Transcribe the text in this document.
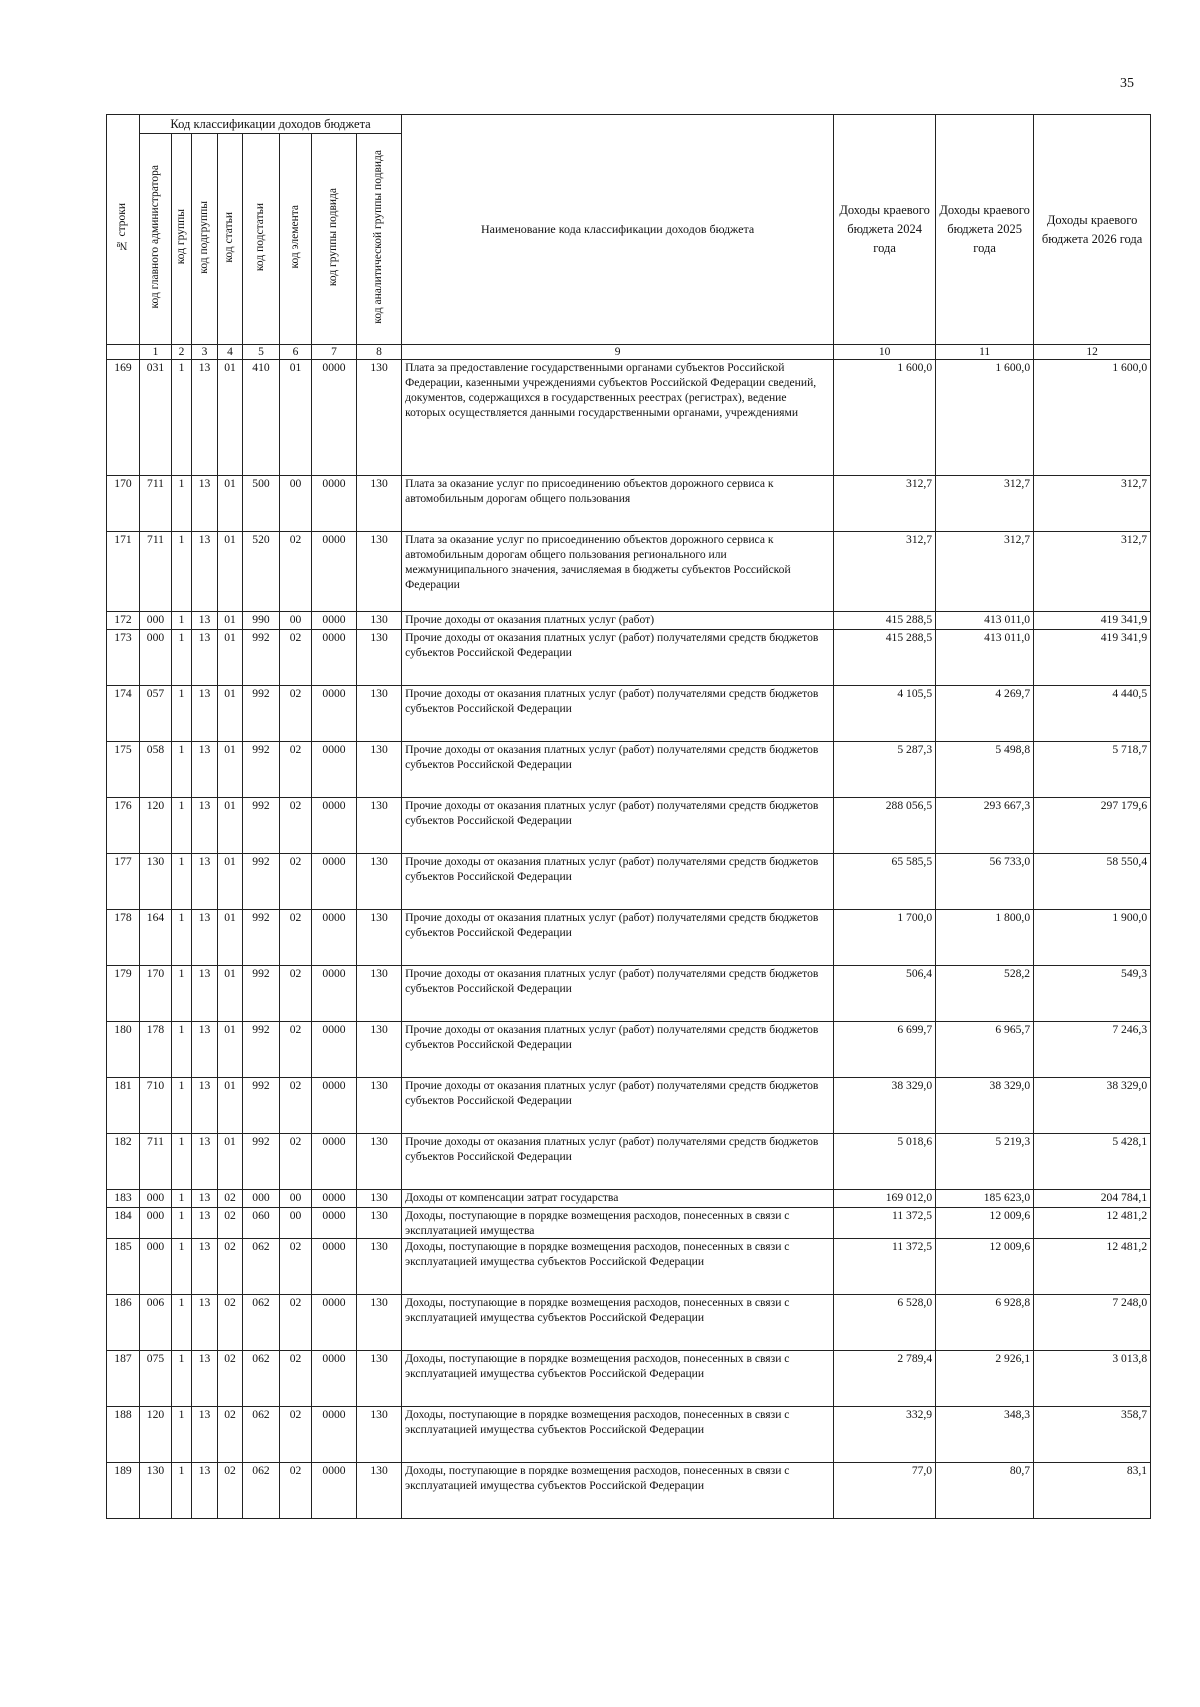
35
№ строки	Код классификации доходов бюджета								Наименование кода классификации доходов бюджета	Доходы краевого бюджета 2024 года	Доходы краевого бюджета 2025 года	Доходы краевого бюджета 2026 года
	код главного администратора	код группы	код подгруппы	код статьи	код подстатьи	код элемента	код группы подвида	код аналитической группы подвида				
	1	2	3	4	5	6	7	8	9	10	11	12
169	031	1	13	01	410	01	0000	130	Плата за предоставление государственными органами субъектов Российской Федерации, казенными учреждениями субъектов Российской Федерации сведений, документов, содержащихся в государственных реестрах (регистрах), ведение которых осуществляется данными государственными органами, учреждениями	1 600,0	1 600,0	1 600,0
170	711	1	13	01	500	00	0000	130	Плата за оказание услуг по присоединению объектов дорожного сервиса к автомобильным дорогам общего пользования	312,7	312,7	312,7
171	711	1	13	01	520	02	0000	130	Плата за оказание услуг по присоединению объектов дорожного сервиса к автомобильным дорогам общего пользования регионального или межмуниципального значения, зачисляемая в бюджеты субъектов Российской Федерации	312,7	312,7	312,7
172	000	1	13	01	990	00	0000	130	Прочие доходы от оказания платных услуг (работ)	415 288,5	413 011,0	419 341,9
173	000	1	13	01	992	02	0000	130	Прочие доходы от оказания платных услуг (работ) получателями средств бюджетов субъектов Российской Федерации	415 288,5	413 011,0	419 341,9
174	057	1	13	01	992	02	0000	130	Прочие доходы от оказания платных услуг (работ) получателями средств бюджетов субъектов Российской Федерации	4 105,5	4 269,7	4 440,5
175	058	1	13	01	992	02	0000	130	Прочие доходы от оказания платных услуг (работ) получателями средств бюджетов субъектов Российской Федерации	5 287,3	5 498,8	5 718,7
176	120	1	13	01	992	02	0000	130	Прочие доходы от оказания платных услуг (работ) получателями средств бюджетов субъектов Российской Федерации	288 056,5	293 667,3	297 179,6
177	130	1	13	01	992	02	0000	130	Прочие доходы от оказания платных услуг (работ) получателями средств бюджетов субъектов Российской Федерации	65 585,5	56 733,0	58 550,4
178	164	1	13	01	992	02	0000	130	Прочие доходы от оказания платных услуг (работ) получателями средств бюджетов субъектов Российской Федерации	1 700,0	1 800,0	1 900,0
179	170	1	13	01	992	02	0000	130	Прочие доходы от оказания платных услуг (работ) получателями средств бюджетов субъектов Российской Федерации	506,4	528,2	549,3
180	178	1	13	01	992	02	0000	130	Прочие доходы от оказания платных услуг (работ) получателями средств бюджетов субъектов Российской Федерации	6 699,7	6 965,7	7 246,3
181	710	1	13	01	992	02	0000	130	Прочие доходы от оказания платных услуг (работ) получателями средств бюджетов субъектов Российской Федерации	38 329,0	38 329,0	38 329,0
182	711	1	13	01	992	02	0000	130	Прочие доходы от оказания платных услуг (работ) получателями средств бюджетов субъектов Российской Федерации	5 018,6	5 219,3	5 428,1
183	000	1	13	02	000	00	0000	130	Доходы от компенсации затрат государства	169 012,0	185 623,0	204 784,1
184	000	1	13	02	060	00	0000	130	Доходы, поступающие в порядке возмещения расходов, понесенных в связи с эксплуатацией имущества	11 372,5	12 009,6	12 481,2
185	000	1	13	02	062	02	0000	130	Доходы, поступающие в порядке возмещения расходов, понесенных в связи с эксплуатацией имущества субъектов Российской Федерации	11 372,5	12 009,6	12 481,2
186	006	1	13	02	062	02	0000	130	Доходы, поступающие в порядке возмещения расходов, понесенных в связи с эксплуатацией имущества субъектов Российской Федерации	6 528,0	6 928,8	7 248,0
187	075	1	13	02	062	02	0000	130	Доходы, поступающие в порядке возмещения расходов, понесенных в связи с эксплуатацией имущества субъектов Российской Федерации	2 789,4	2 926,1	3 013,8
188	120	1	13	02	062	02	0000	130	Доходы, поступающие в порядке возмещения расходов, понесенных в связи с эксплуатацией имущества субъектов Российской Федерации	332,9	348,3	358,7
189	130	1	13	02	062	02	0000	130	Доходы, поступающие в порядке возмещения расходов, понесенных в связи с эксплуатацией имущества субъектов Российской Федерации	77,0	80,7	83,1
